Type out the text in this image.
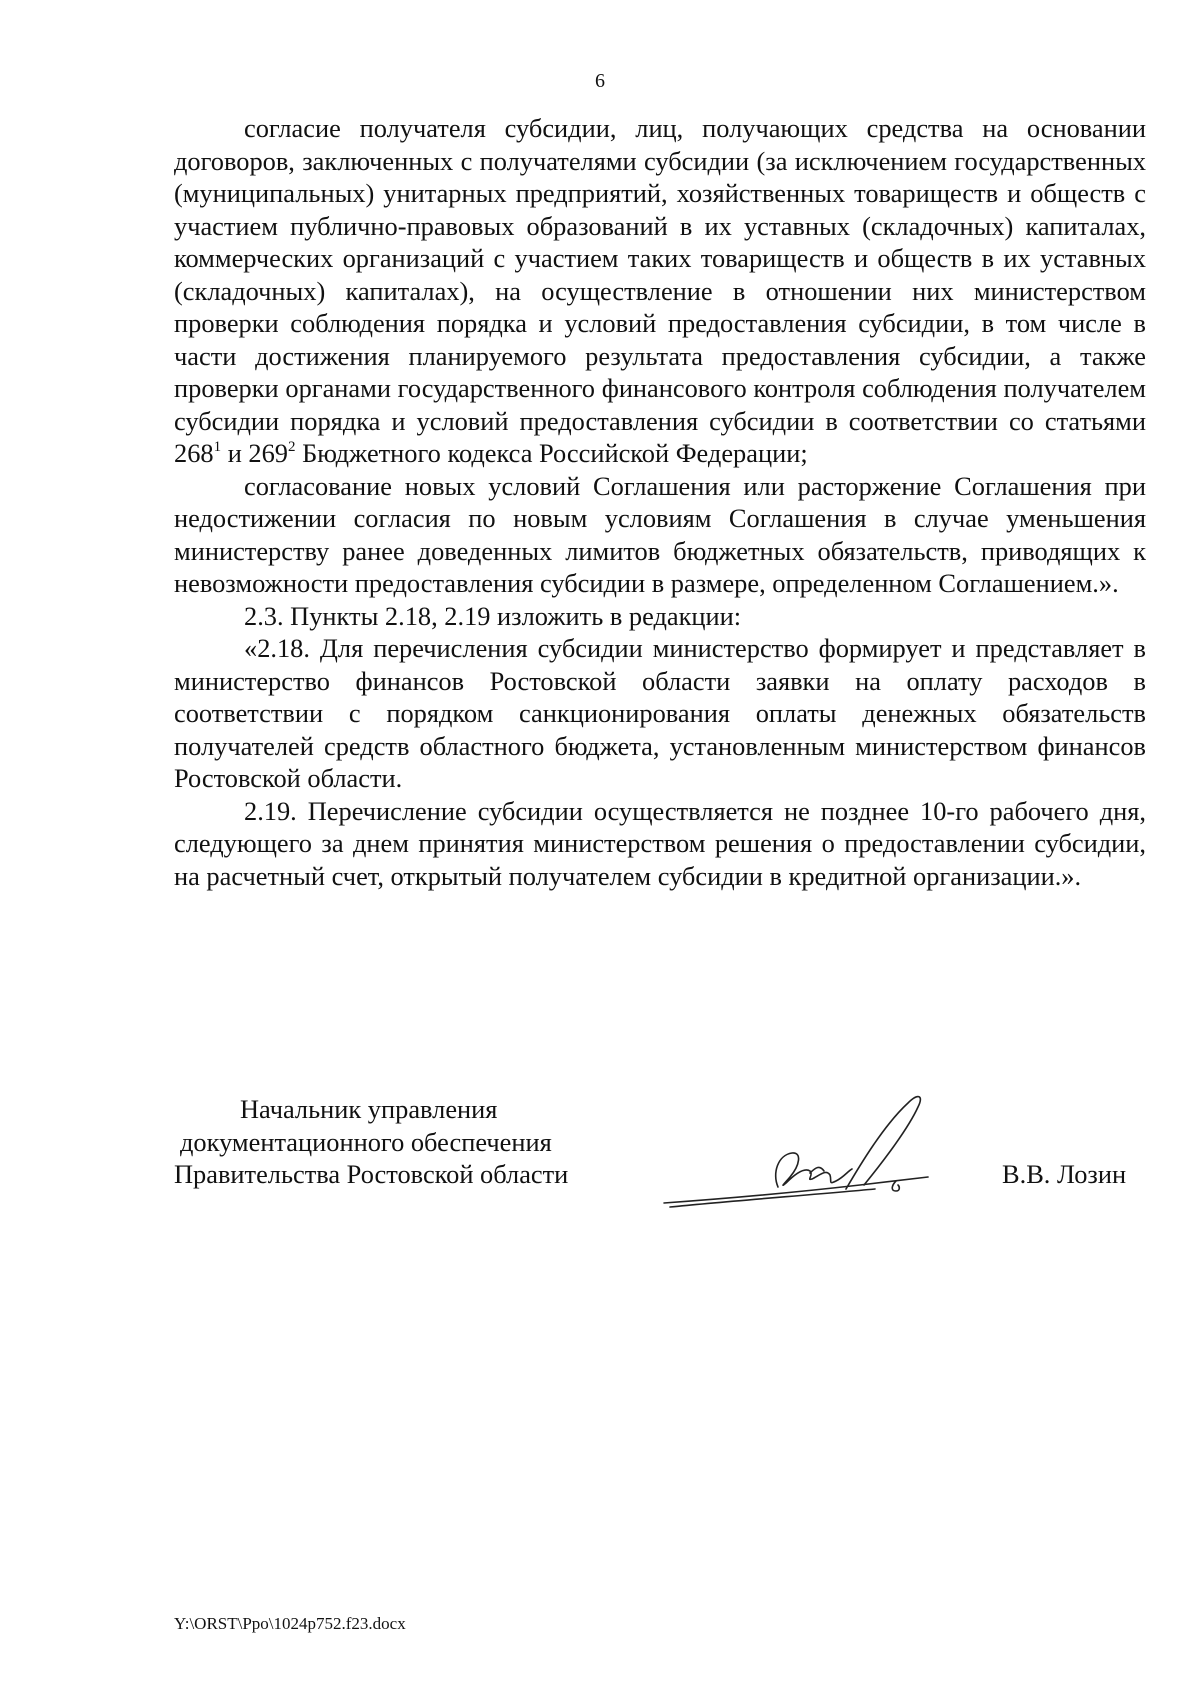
6

согласие получателя субсидии, лиц, получающих средства на основании договоров, заключенных с получателями субсидии (за исключением государственных (муниципальных) унитарных предприятий, хозяйственных товариществ и обществ с участием публично-правовых образований в их уставных (складочных) капиталах, коммерческих организаций с участием таких товариществ и обществ в их уставных (складочных) капиталах), на осуществление в отношении них министерством проверки соблюдения порядка и условий предоставления субсидии, в том числе в части достижения планируемого результата предоставления субсидии, а также проверки органами государственного финансового контроля соблюдения получателем субсидии порядка и условий предоставления субсидии в соответствии со статьями $268^1$ и $269^2$ Бюджетного кодекса Российской Федерации;

согласование новых условий Соглашения или расторжение Соглашения при недостижении согласия по новым условиям Соглашения в случае уменьшения министерству ранее доведенных лимитов бюджетных обязательств, приводящих к невозможности предоставления субсидии в размере, определенном Соглашением.».

2.3. Пункты 2.18, 2.19 изложить в редакции:

«2.18. Для перечисления субсидии министерство формирует и представляет в министерство финансов Ростовской области заявки на оплату расходов в соответствии с порядком санкционирования оплаты денежных обязательств получателей средств областного бюджета, установленным министерством финансов Ростовской области.

2.19. Перечисление субсидии осуществляется не позднее 10-го рабочего дня, следующего за днем принятия министерством решения о предоставлении субсидии, на расчетный счет, открытый получателем субсидии в кредитной организации.».

Начальник управления
документационного обеспечения
Правительства Ростовской области	В.В. Лозин
Y:\ORST\Ppo\1024p752.f23.docx
